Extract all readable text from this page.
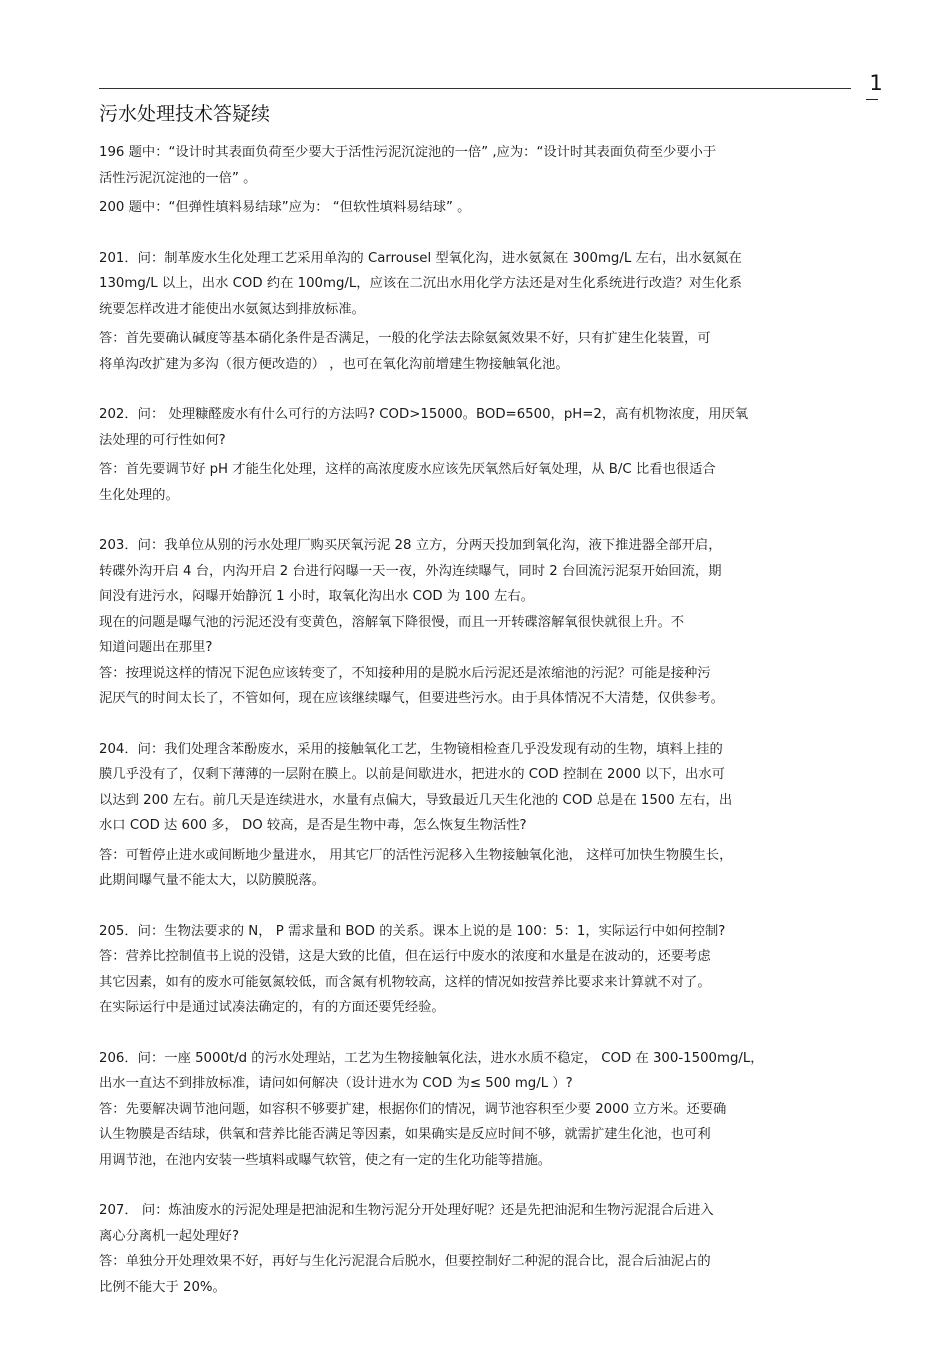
1
污水处理技术答疑续
196 题中：“设计时其表面负荷至少要大于活性污泥沉淀池的一倍” ,应为：“设计时其表面负荷至少要小于
活性污泥沉淀池的一倍” 。
200 题中：“但弹性填料易结球”应为： “但软性填料易结球” 。
201．问：制革废水生化处理工艺采用单沟的 Carrousel 型氧化沟，进水氨氮在 300mg/L 左右，出水氨氮在
130mg/L 以上，出水 COD 约在 100mg/L，应该在二沉出水用化学方法还是对生化系统进行改造？对生化系
统要怎样改进才能使出水氨氮达到排放标准。
答：首先要确认碱度等基本硝化条件是否满足，一般的化学法去除氨氮效果不好，只有扩建生化装置，可
将单沟改扩建为多沟（很方便改造的） ，也可在氧化沟前增建生物接触氧化池。
202．问： 处理糠醛废水有什么可行的方法吗? COD>15000。BOD=6500，pH=2，高有机物浓度，用厌氧
法处理的可行性如何?
答：首先要调节好 pH 才能生化处理，这样的高浓度废水应该先厌氧然后好氧处理，从 B/C 比看也很适合
生化处理的。
203．问：我单位从别的污水处理厂购买厌氧污泥 28 立方，分两天投加到氧化沟，液下推进器全部开启，
转碟外沟开启 4 台，内沟开启 2 台进行闷曝一天一夜，外沟连续曝气，同时 2 台回流污泥泵开始回流，期
间没有进污水，闷曝开始静沉 1 小时，取氧化沟出水 COD 为 100 左右。
现在的问题是曝气池的污泥还没有变黄色，溶解氧下降很慢，而且一开转碟溶解氧很快就很上升。不
知道问题出在那里?
答：按理说这样的情况下泥色应该转变了，不知接种用的是脱水后污泥还是浓缩池的污泥？可能是接种污
泥厌气的时间太长了，不管如何，现在应该继续曝气，但要进些污水。由于具体情况不大清楚，仅供参考。
204．问：我们处理含苯酚废水，采用的接触氧化工艺，生物镜相检查几乎没发现有动的生物，填料上挂的
膜几乎没有了，仅剩下薄薄的一层附在膜上。以前是间歇进水，把进水的 COD 控制在 2000 以下，出水可
以达到 200 左右。前几天是连续进水，水量有点偏大，导致最近几天生化池的 COD 总是在 1500 左右，出
水口 COD 达 600 多， DO 较高，是否是生物中毒，怎么恢复生物活性?
答：可暂停止进水或间断地少量进水， 用其它厂的活性污泥移入生物接触氧化池， 这样可加快生物膜生长，
此期间曝气量不能太大，以防膜脱落。
205．问：生物法要求的 N， P 需求量和 BOD 的关系。课本上说的是 100：5：1，实际运行中如何控制?
答：营养比控制值书上说的没错，这是大致的比值，但在运行中废水的浓度和水量是在波动的，还要考虑
其它因素，如有的废水可能氨氮较低，而含氮有机物较高，这样的情况如按营养比要求来计算就不对了。
在实际运行中是通过试凑法确定的，有的方面还要凭经验。
206．问：一座 5000t/d 的污水处理站，工艺为生物接触氧化法，进水水质不稳定， COD 在 300-1500mg/L，
出水一直达不到排放标准，请问如何解决（设计进水为 COD 为≤ 500 mg/L ）?
答：先要解决调节池问题，如容积不够要扩建，根据你们的情况，调节池容积至少要 2000 立方米。还要确
认生物膜是否结球，供氧和营养比能否满足等因素，如果确实是反应时间不够，就需扩建生化池，也可利
用调节池，在池内安装一些填料或曝气软管，使之有一定的生化功能等措施。
207． 问：炼油废水的污泥处理是把油泥和生物污泥分开处理好呢？还是先把油泥和生物污泥混合后进入
离心分离机一起处理好?
答：单独分开处理效果不好，再好与生化污泥混合后脱水，但要控制好二种泥的混合比，混合后油泥占的
比例不能大于 20%。
